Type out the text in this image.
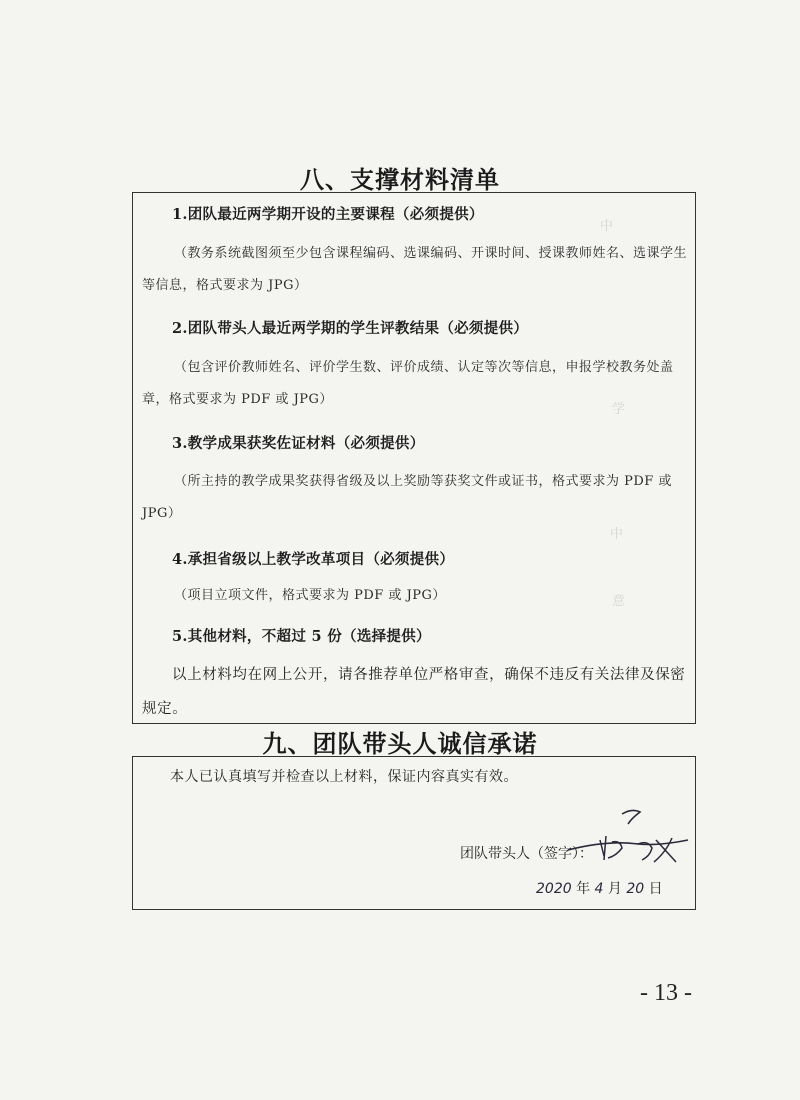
中
学
中
意
八、支撑材料清单
1.团队最近两学期开设的主要课程（必须提供）
（教务系统截图须至少包含课程编码、选课编码、开课时间、授课教师姓名、选课学生等信息，格式要求为 JPG）
2.团队带头人最近两学期的学生评教结果（必须提供）
（包含评价教师姓名、评价学生数、评价成绩、认定等次等信息，申报学校教务处盖章，格式要求为 PDF 或 JPG）
3.教学成果获奖佐证材料（必须提供）
（所主持的教学成果奖获得省级及以上奖励等获奖文件或证书，格式要求为 PDF 或 JPG）
4.承担省级以上教学改革项目（必须提供）
（项目立项文件，格式要求为 PDF 或 JPG）
5.其他材料，不超过 5 份（选择提供）
以上材料均在网上公开，请各推荐单位严格审查，确保不违反有关法律及保密规定。
九、团队带头人诚信承诺
本人已认真填写并检查以上材料，保证内容真实有效。
团队带头人（签字）：
2020 年 4 月 20 日
- 13 -
